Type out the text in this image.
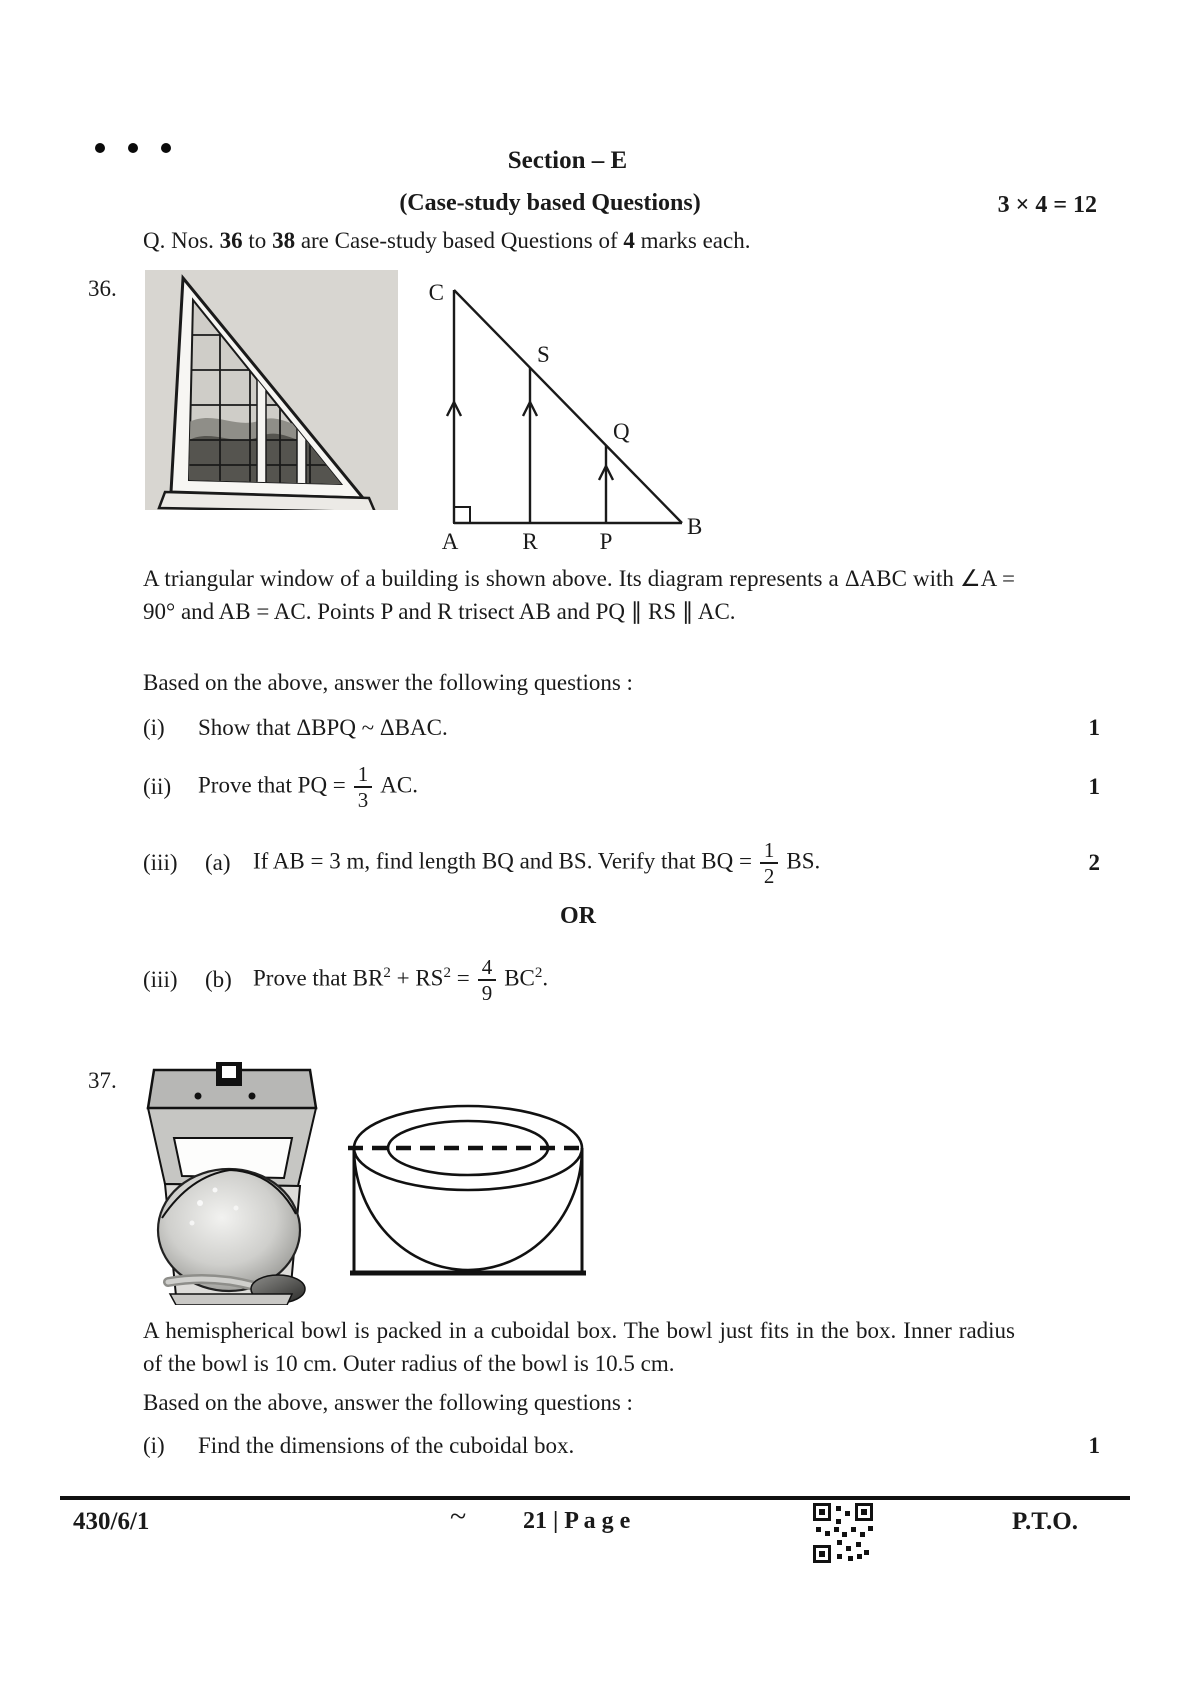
Section – E
(Case-study based Questions)	3 × 4 = 12
Q. Nos. 36 to 38 are Case-study based Questions of 4 marks each.
36.	C
S
Q
A	R	P
B
A triangular window of a building is shown above. Its diagram represents a ΔABC with ∠A = 90° and AB = AC. Points P and R trisect AB and PQ ∥ RS ∥ AC.
Based on the above, answer the following questions :
(i)	Show that ΔBPQ ~ ΔBAC.	1
(ii)	Prove that PQ = $\frac{1}{3}$ AC.	1
(iii)	(a) If AB = 3 m, find length BQ and BS. Verify that BQ = $\frac{1}{2}$ BS.	2
OR
(iii)	(b) Prove that $BR^2 + RS^2 = \frac{4}{9} BC^2$.
37.
A hemispherical bowl is packed in a cuboidal box. The bowl just fits in the box. Inner radius of the bowl is 10 cm. Outer radius of the bowl is 10.5 cm.
Based on the above, answer the following questions :
(i)	Find the dimensions of the cuboidal box.	1
430/6/1	~ 21 | P a g e	P.T.O.
